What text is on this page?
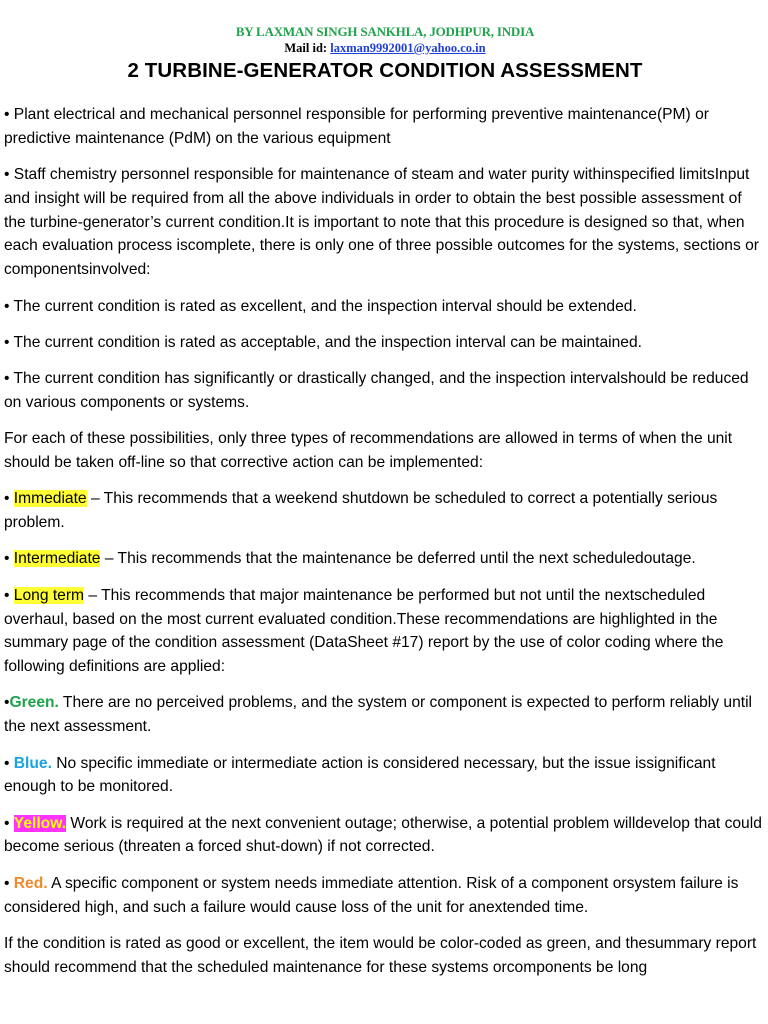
BY LAXMAN SINGH SANKHLA, JODHPUR, INDIA
Mail id: laxman9992001@yahoo.co.in
2 TURBINE-GENERATOR CONDITION ASSESSMENT

• Plant electrical and mechanical personnel responsible for performing preventive maintenance(PM) or predictive maintenance (PdM) on the various equipment

• Staff chemistry personnel responsible for maintenance of steam and water purity withinspecified limitsInput and insight will be required from all the above individuals in order to obtain the best possible assessment of the turbine-generator’s current condition.It is important to note that this procedure is designed so that, when each evaluation process iscomplete, there is only one of three possible outcomes for the systems, sections or componentsinvolved:

• The current condition is rated as excellent, and the inspection interval should be extended.

• The current condition is rated as acceptable, and the inspection interval can be maintained.

• The current condition has significantly or drastically changed, and the inspection intervalshould be reduced on various components or systems.

For each of these possibilities, only three types of recommendations are allowed in terms of when the unit should be taken off-line so that corrective action can be implemented:

• Immediate – This recommends that a weekend shutdown be scheduled to correct a potentially serious problem.

• Intermediate – This recommends that the maintenance be deferred until the next scheduledoutage.

• Long term – This recommends that major maintenance be performed but not until the nextscheduled overhaul, based on the most current evaluated condition.These recommendations are highlighted in the summary page of the condition assessment (DataSheet #17) report by the use of color coding where the following definitions are applied:

•Green. There are no perceived problems, and the system or component is expected to perform reliably until the next assessment.

• Blue. No specific immediate or intermediate action is considered necessary, but the issue issignificant enough to be monitored.

• Yellow. Work is required at the next convenient outage; otherwise, a potential problem willdevelop that could become serious (threaten a forced shut-down) if not corrected.

• Red. A specific component or system needs immediate attention. Risk of a component orsystem failure is considered high, and such a failure would cause loss of the unit for anextended time.

If the condition is rated as good or excellent, the item would be color-coded as green, and thesummary report should recommend that the scheduled maintenance for these systems orcomponents be long
